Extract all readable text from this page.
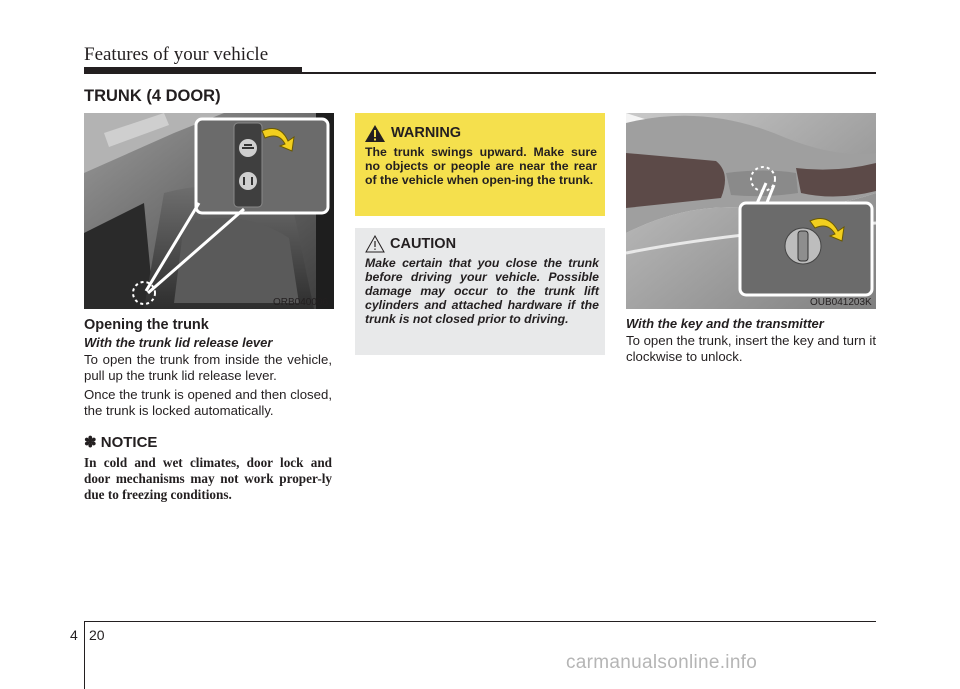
Features of your vehicle
TRUNK (4 DOOR)
ORB040006
Opening the trunk
With the trunk lid release lever
To open the trunk from inside the vehicle, pull up the trunk lid release lever.
Once the trunk is opened and then closed, the trunk is locked automatically.
✽ NOTICE
In cold and wet climates, door lock and door mechanisms may not work proper-ly due to freezing conditions.
WARNING
The trunk swings upward. Make sure no objects or people are near the rear of the vehicle when open-ing the trunk.
CAUTION
Make certain that you close the trunk before driving your vehicle. Possible damage may occur to the trunk lift cylinders and attached hardware if the trunk is not closed prior to driving.
OUB041203K
With the key and the transmitter
To open the trunk, insert the key and turn it clockwise to unlock.
4 20
carmanualsonline.info
